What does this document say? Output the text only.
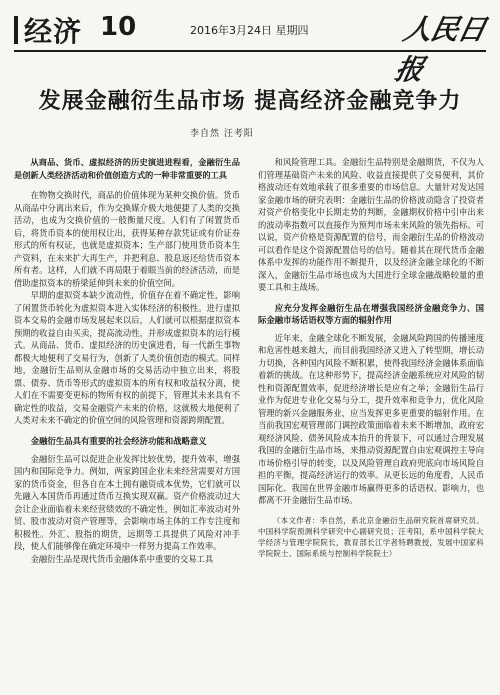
经济 10	2016年3月24日 星期四	人民日报
发展金融衍生品市场 提高经济金融竞争力
李自然 汪考阳

从商品、货币、虚拟经济的历史演进进程看，金融衍生品是创新人类经济活动和价值创造方式的一种非常重要的工具

在物物交换时代，商品的价值体现为某种交换价值。货币从商品中分离出来后，作为交换媒介极大地便捷了人类的交换活动，也成为交换价值的一般衡量尺度。人们有了闲置货币后，将货币资本的使用权让出，获得某种存款凭证或有价证券形式的所有权证，也就是虚拟资本；生产部门使用货币资本生产资料，在未来扩大再生产，并把利息、股息返还给货币资本所有者。这样，人们就不再局限于着眼当前的经济活动，而是借助虚拟资本的桥梁延伸到未来的价值空间。

早期的虚拟资本缺少流动性，价值存在着不确定性，影响了闲置货币转化为虚拟资本进入实体经济的积极性。进行虚拟资本交易的金融市场发展起来以后，人们就可以根据虚拟资本预期的收益自由买卖，提高流动性，并形成虚拟资本的运行模式。从商品、货币、虚拟经济的历史演进看，每一代新生事物都极大地便利了交易行为，创新了人类价值创造的模式。同样地，金融衍生品则从金融市场的交易活动中独立出来，将股票、债券、货币等形式的虚拟资本的所有权和收益权分离，使人们在不需要变更标的物所有权的前提下，管理其未来具有不确定性的收益，交易金融资产未来的价格，这就极大地便利了人类对未来不确定的价值空间的风险管理和资源跨期配置。

金融衍生品具有重要的社会经济功能和战略意义

金融衍生品可以促进企业发挥比较优势，提升效率，增强国内和国际竞争力。例如，两家跨国企业未来经营需要对方国家的货币资金，但各自在本土拥有融资成本优势，它们就可以先融入本国货币再通过货币互换实现双赢。资产价格波动过大会让企业面临着未来经营绩效的不确定性，例如汇率波动对外贸、股市波动对资产管理等，会影响市场主体的工作专注度和积极性。外汇、股指的期货，远期等工具提供了风险对冲手段，使人们能够像在确定环境中一样努力提高工作效率。

金融衍生品是现代货币金融体系中重要的交易工具

和风险管理工具。金融衍生品特别是金融期货，不仅为人们管理基础资产未来的风险、收益直接提供了交易便利，其价格波动还有效地承载了很多重要的市场信息。大量针对发达国家金融市场的研究表明：金融衍生品的价格波动隐含了投资者对资产价格变化中长期走势的判断，金融期权价格中引申出来的波动率指数可以直接作为预判市场未来风险的领先指标。可以说，资产价格是资源配置的信号，而金融衍生品的价格波动可以看作是这个资源配置信号的信号。随着其在现代货币金融体系中发挥的功能作用不断提升，以及经济金融全球化的不断深入，金融衍生品市场也成为大国进行全球金融战略较量的重要工具和主战场。

应充分发挥金融衍生品在增强我国经济金融竞争力、国际金融市场话语权等方面的辐射作用

近年来，金融全球化不断发展，金融风险跨国的传播速度和危害性越来越大，而目前我国经济又进入了转型期，增长动力切换，各种国内风险不断积累，使得我国经济金融体系面临着新的挑战。在这种形势下，提高经济金融系统应对风险的韧性和资源配置效率，促进经济增长是应有之举；金融衍生品行业作为促进专业化交易与分工，提升效率和竞争力，优化风险管理的新兴金融服务业，应当发挥更多更重要的辐射作用。在当前我国宏观管理部门调控政策面临着未来不断增加，政府宏观经济风险、债务风险成本抬升的背景下，可以通过合理发展我国的金融衍生品市场，来推动资源配置自由宏观调控主导向市场价格引导的转变，以及风险管理自政府兜底向市场风险自担的平衡，提高经济运行的效率。从更长远的角度看，人民币国际化、我国在世界金融市场赢得更多的话语权、影响力，也都离不开金融衍生品市场。

（本文作者：李自然，系北京金融衍生品研究院首席研究员、中国科学院预测科学研究中心副研究员；汪考阳，系中国科学院大学经济与管理学院院长，教育部长江学者特聘教授，发展中国家科学院院士、国际系统与控制科学院院士）
